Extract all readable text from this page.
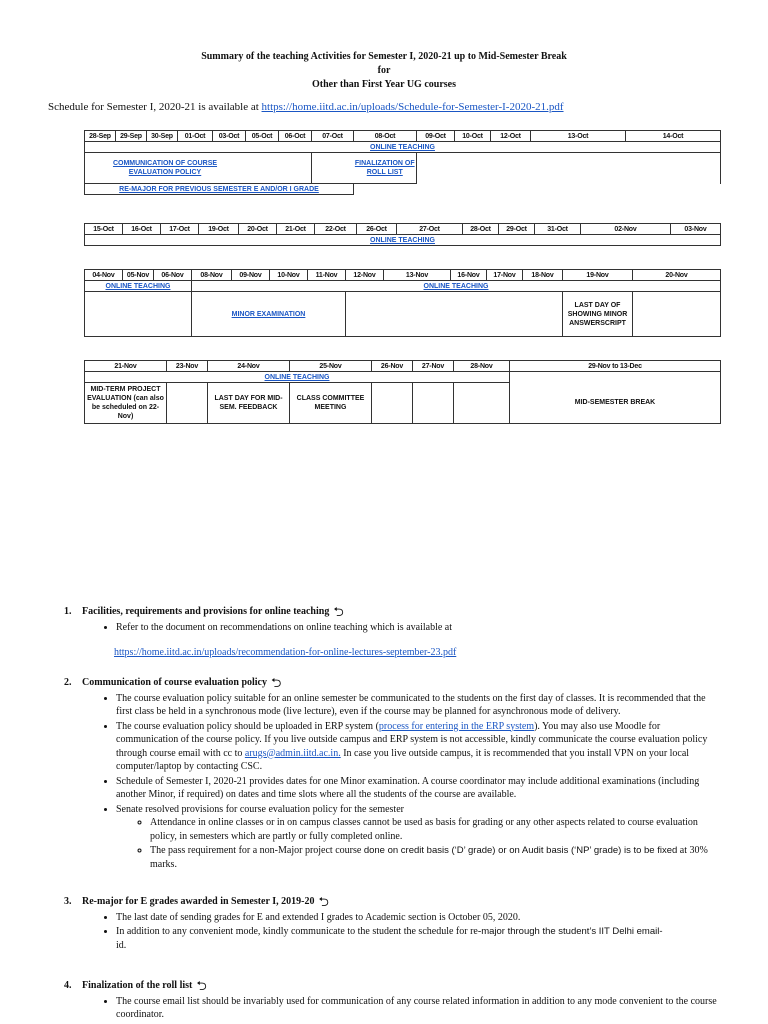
Summary of the teaching Activities for Semester I, 2020-21 up to Mid-Semester Break
for
Other than First Year UG courses
Schedule for Semester I, 2020-21 is available at https://home.iitd.ac.in/uploads/Schedule-for-Semester-I-2020-21.pdf
28-Sep	29-Sep	30-Sep	01-Oct	03-Oct	05-Oct	06-Oct	07-Oct	08-Oct	09-Oct	10-Oct	12-Oct	13-Oct	14-Oct
ONLINE TEACHING													

COMMUNICATION OF COURSE EVALUATION POLICY								FINALIZATION OF ROLL LIST					
RE-MAJOR FOR PREVIOUS SEMESTER E AND/OR I GRADE													
15-Oct	16-Oct	17-Oct	19-Oct	20-Oct	21-Oct	22-Oct	26-Oct	27-Oct	28-Oct	29-Oct	31-Oct	02-Nov	03-Nov
ONLINE TEACHING
04-Nov	05-Nov	06-Nov	08-Nov	09-Nov	10-Nov	11-Nov	12-Nov	13-Nov	16-Nov	17-Nov	18-Nov	19-Nov	20-Nov
ONLINE TEACHING			ONLINE TEACHING										
			MINOR EXAMINATION									LAST DAY OF SHOWING MINOR ANSWERSCRIPT	
21-Nov	23-Nov	24-Nov	25-Nov	26-Nov	27-Nov	28-Nov	29-Nov to 13-Dec
ONLINE TEACHING							
MID-TERM PROJECT EVALUATION (can also be scheduled on 22-Nov)		LAST DAY FOR MID-SEM. FEEDBACK	CLASS COMMITTEE MEETING				MID-SEMESTER BREAK
1.	Facilities, requirements and provisions for online teaching ⮌
• Refer to the document on recommendations on online teaching which is available at
https://home.iitd.ac.in/uploads/recommendation-for-online-lectures-september-23.pdf
2.	Communication of course evaluation policy ⮌
• The course evaluation policy suitable for an online semester be communicated to the students on the first day of classes. It is recommended that the first class be held in a synchronous mode (live lecture), even if the course may be planned for asynchronous mode of delivery.
• The course evaluation policy should be uploaded in ERP system (process for entering in the ERP system). You may also use Moodle for communication of the course policy. If you live outside campus and ERP system is not accessible, kindly communicate the course evaluation policy through course email with cc to arugs@admin.iitd.ac.in. In case you live outside campus, it is recommended that you install VPN on your local computer/laptop by contacting CSC.
• Schedule of Semester I, 2020-21 provides dates for one Minor examination. A course coordinator may include additional examinations (including another Minor, if required) on dates and time slots where all the students of the course are available.
• Senate resolved provisions for course evaluation policy for the semester
◦ Attendance in online classes or in on campus classes cannot be used as basis for grading or any other aspects related to course evaluation policy, in semesters which are partly or fully completed online.
◦ The pass requirement for a non-Major project course done on credit basis (‘D’ grade) or on Audit basis (‘NP’ grade) is to be fixed at 30% marks.
3.	Re-major for E grades awarded in Semester I, 2019-20 ⮌
• The last date of sending grades for E and extended I grades to Academic section is October 05, 2020.
• In addition to any convenient mode, kindly communicate to the student the schedule for re-major through the student’s IIT Delhi email-
id.
4.	Finalization of the roll list ⮌
• The course email list should be invariably used for communication of any course related information in addition to any mode convenient to the course coordinator.
